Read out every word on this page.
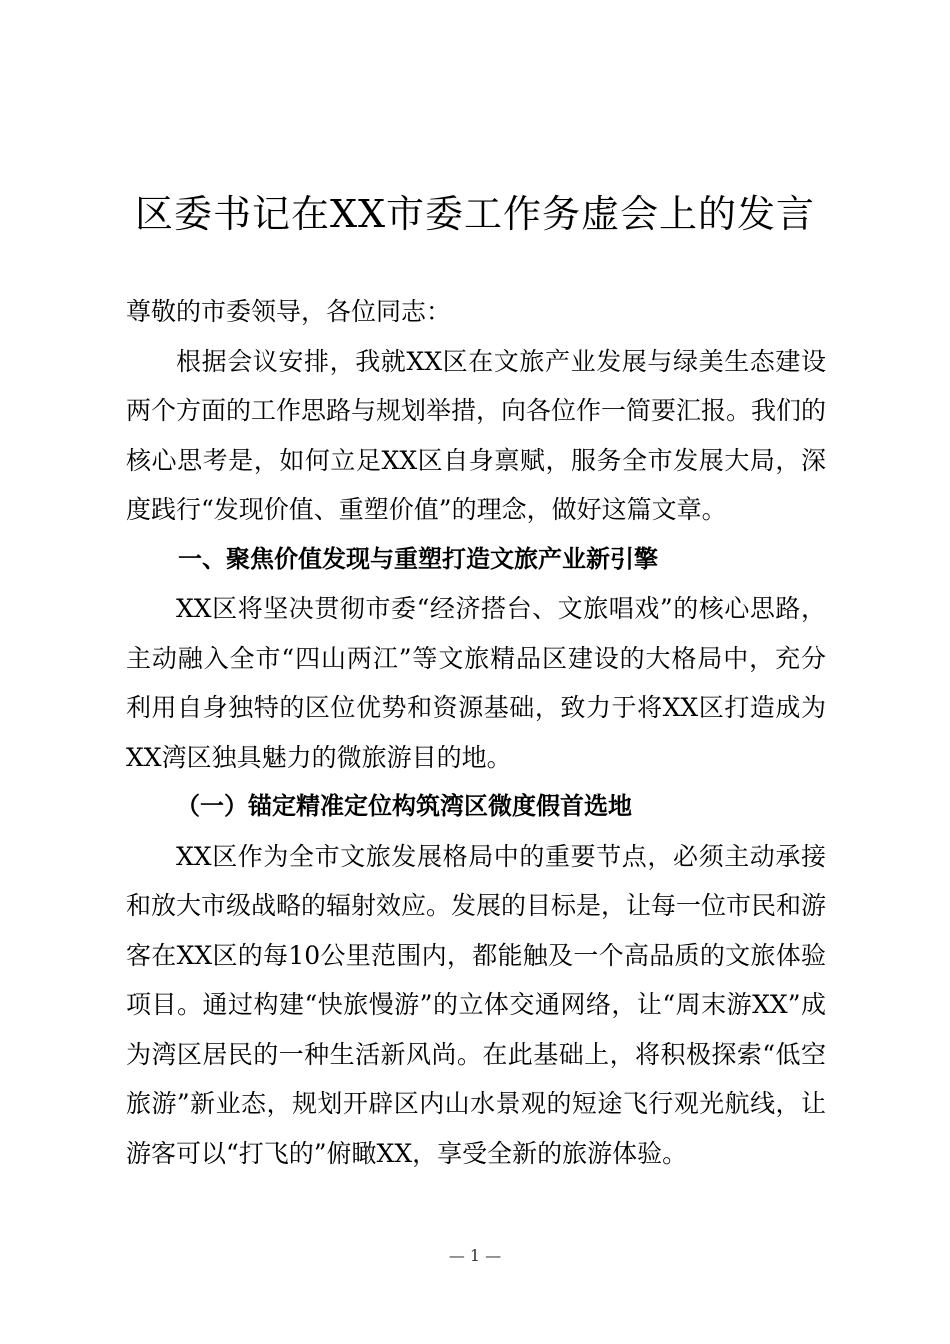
区委书记在XX市委工作务虚会上的发言

尊敬的市委领导，各位同志：

根据会议安排，我就XX区在文旅产业发展与绿美生态建设两个方面的工作思路与规划举措，向各位作一简要汇报。我们的核心思考是，如何立足XX区自身禀赋，服务全市发展大局，深度践行“发现价值、重塑价值”的理念，做好这篇文章。

一、聚焦价值发现与重塑打造文旅产业新引擎

XX区将坚决贯彻市委“经济搭台、文旅唱戏”的核心思路，主动融入全市“四山两江”等文旅精品区建设的大格局中，充分利用自身独特的区位优势和资源基础，致力于将XX区打造成为XX湾区独具魅力的微旅游目的地。

（一）锚定精准定位构筑湾区微度假首选地

XX区作为全市文旅发展格局中的重要节点，必须主动承接和放大市级战略的辐射效应。发展的目标是，让每一位市民和游客在XX区的每10公里范围内，都能触及一个高品质的文旅体验项目。通过构建“快旅慢游”的立体交通网络，让“周末游XX”成为湾区居民的一种生活新风尚。在此基础上，将积极探索“低空旅游”新业态，规划开辟区内山水景观的短途飞行观光航线，让游客可以“打飞的”俯瞰XX，享受全新的旅游体验。

— 1 —
